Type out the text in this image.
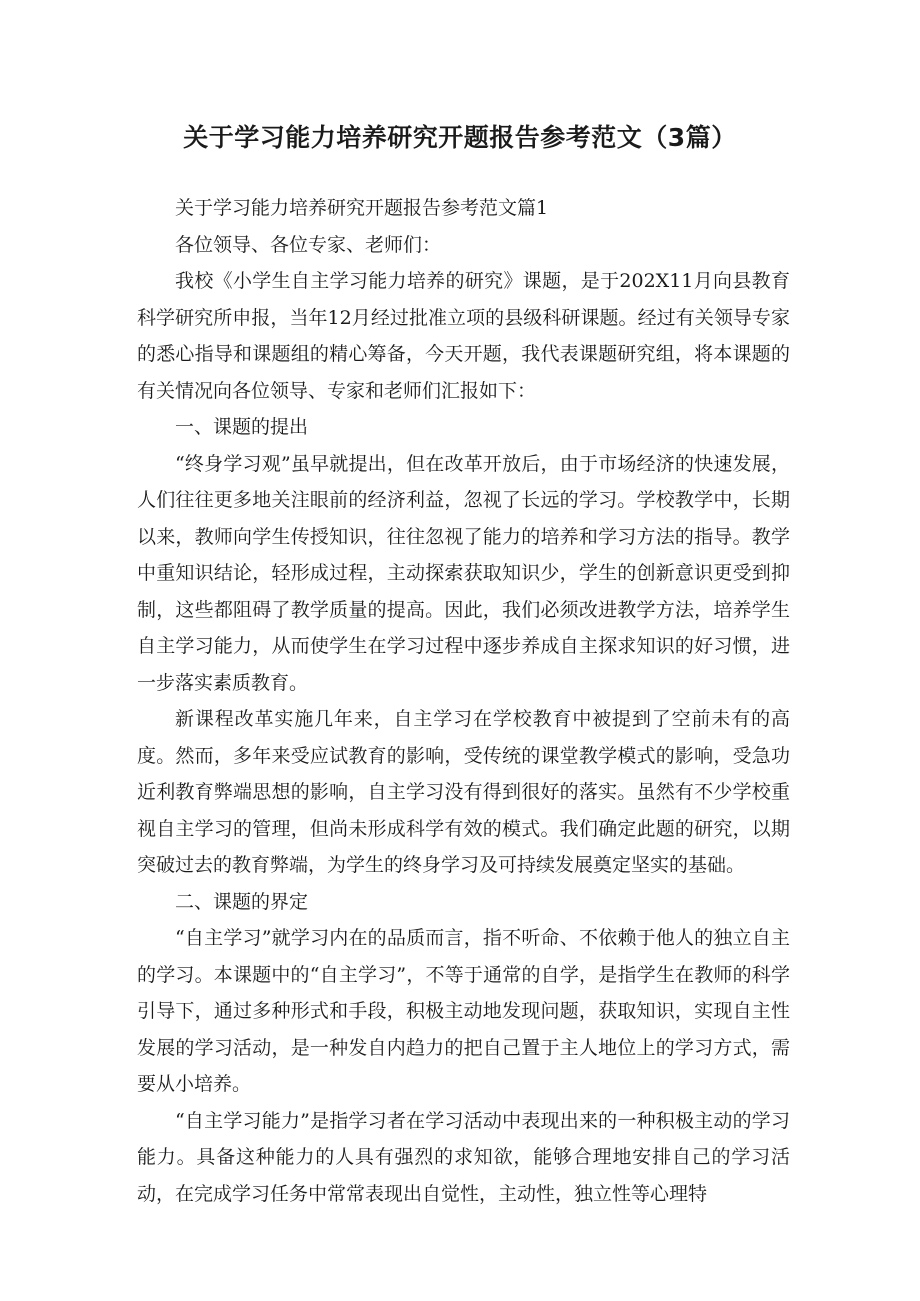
关于学习能力培养研究开题报告参考范文（3篇）

关于学习能力培养研究开题报告参考范文篇1

各位领导、各位专家、老师们：

我校《小学生自主学习能力培养的研究》课题，是于202X11月向县教育科学研究所申报，当年12月经过批准立项的县级科研课题。经过有关领导专家的悉心指导和课题组的精心筹备，今天开题，我代表课题研究组，将本课题的有关情况向各位领导、专家和老师们汇报如下：

一、课题的提出

“终身学习观”虽早就提出，但在改革开放后，由于市场经济的快速发展，人们往往更多地关注眼前的经济利益，忽视了长远的学习。学校教学中，长期以来，教师向学生传授知识，往往忽视了能力的培养和学习方法的指导。教学中重知识结论，轻形成过程，主动探索获取知识少，学生的创新意识更受到抑制，这些都阻碍了教学质量的提高。因此，我们必须改进教学方法，培养学生自主学习能力，从而使学生在学习过程中逐步养成自主探求知识的好习惯，进一步落实素质教育。

新课程改革实施几年来，自主学习在学校教育中被提到了空前未有的高度。然而，多年来受应试教育的影响，受传统的课堂教学模式的影响，受急功近利教育弊端思想的影响，自主学习没有得到很好的落实。虽然有不少学校重视自主学习的管理，但尚未形成科学有效的模式。我们确定此题的研究，以期突破过去的教育弊端，为学生的终身学习及可持续发展奠定坚实的基础。

二、课题的界定

“自主学习”就学习内在的品质而言，指不听命、不依赖于他人的独立自主的学习。本课题中的“自主学习”，不等于通常的自学，是指学生在教师的科学引导下，通过多种形式和手段，积极主动地发现问题，获取知识，实现自主性发展的学习活动，是一种发自内趋力的把自己置于主人地位上的学习方式，需要从小培养。

“自主学习能力”是指学习者在学习活动中表现出来的一种积极主动的学习能力。具备这种能力的人具有强烈的求知欲，能够合理地安排自己的学习活动，在完成学习任务中常常表现出自觉性，主动性，独立性等心理特
